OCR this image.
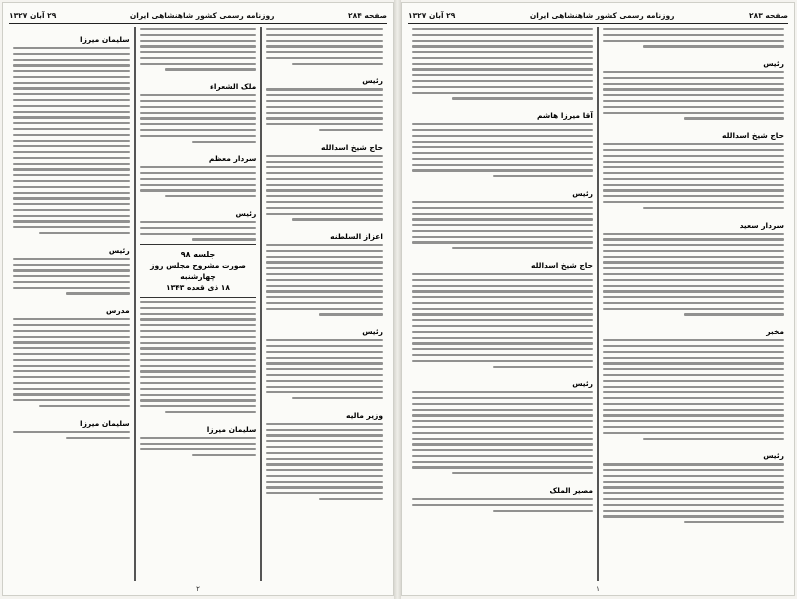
صفحه ۲۸۴
روزنامه رسمی کشور شاهنشاهی ایران
۲۹ آبان ۱۳۲۷
رئیس
حاج شیخ اسدالله
اعزاز السلطنه
رئیس
وزیر مالیه
ملک الشعراء
سردار معظم
رئیس
جلسه ۹۸
صورت مشروح مجلس روز چهارشنبه
۱۸ ذی قعده ۱۳۴۳
سلیمان میرزا
سلیمان میرزا
رئیس
مدرس
سلیمان میرزا
۲
صفحه ۲۸۳
روزنامه رسمی کشور شاهنشاهی ایران
۲۹ آبان ۱۳۲۷
رئیس
حاج شیخ اسدالله
سردار سعید
مخبر
رئیس
آقا میرزا هاشم
رئیس
حاج شیخ اسدالله
رئیس
مصیر الملک
۱
